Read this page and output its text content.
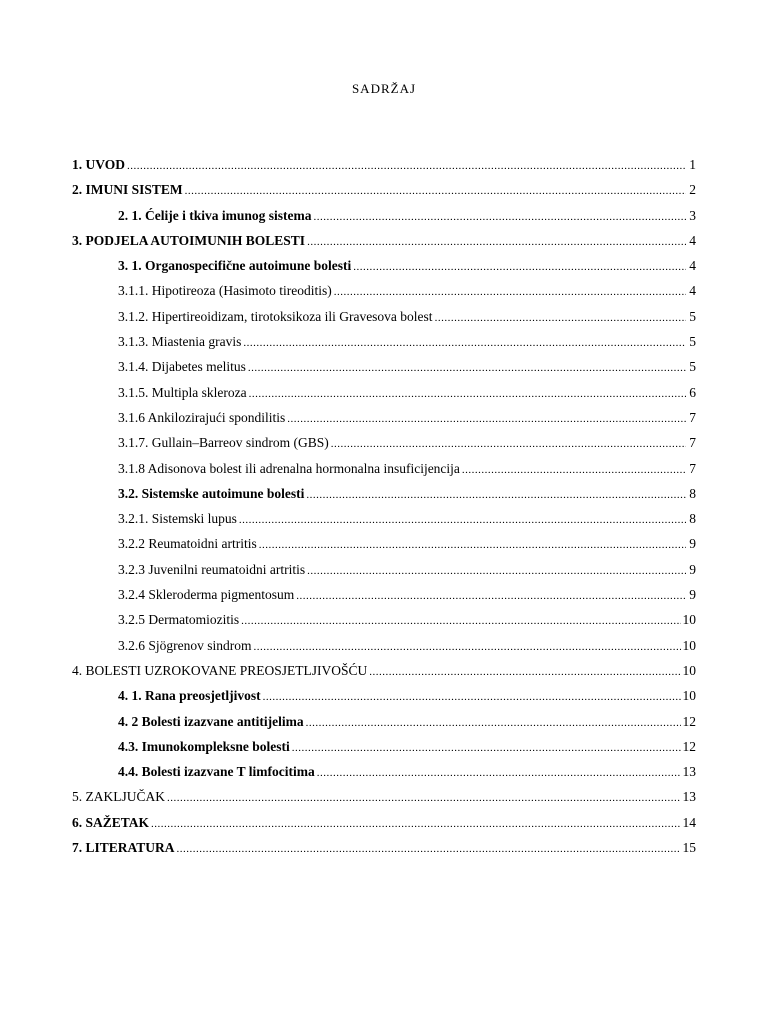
SADRŽAJ
1. UVOD .....	1
2. IMUNI SISTEM .....	2
2. 1. Ćelije i tkiva imunog sistema .....	3
3. PODJELA AUTOIMUNIH BOLESTI .....	4
3. 1. Organospecifične autoimune bolesti .....	4
3.1.1. Hipotireoza (Hasimoto tireoditis) .....	4
3.1.2. Hipertireoidizam, tirotoksikoza ili Gravesova bolest .....	5
3.1.3. Miastenia gravis .....	5
3.1.4. Dijabetes melitus .....	5
3.1.5. Multipla skleroza .....	6
3.1.6 Ankilozirajući spondilitis .....	7
3.1.7. Gullain–Barreov sindrom (GBS) .....	7
3.1.8 Adisonova bolest ili adrenalna hormonalna insuficijencija .....	7
3.2. Sistemske autoimune bolesti .....	8
3.2.1. Sistemski lupus .....	8
3.2.2 Reumatoidni artritis .....	9
3.2.3 Juvenilni reumatoidni artritis .....	9
3.2.4 Skleroderma pigmentosum .....	9
3.2.5 Dermatomiozitis .....	10
3.2.6 Sjögrenov sindrom .....	10
4. BOLESTI UZROKOVANE PREOSJETLJIVOŠĆU .....	10
4. 1. Rana preosjetljivost .....	10
4. 2 Bolesti izazvane antitijelima .....	12
4.3. Imunokompleksne bolesti .....	12
4.4. Bolesti izazvane T limfocitima .....	13
5. ZAKLJUČAK .....	13
6. SAŽETAK .....	14
7. LITERATURA .....	15
